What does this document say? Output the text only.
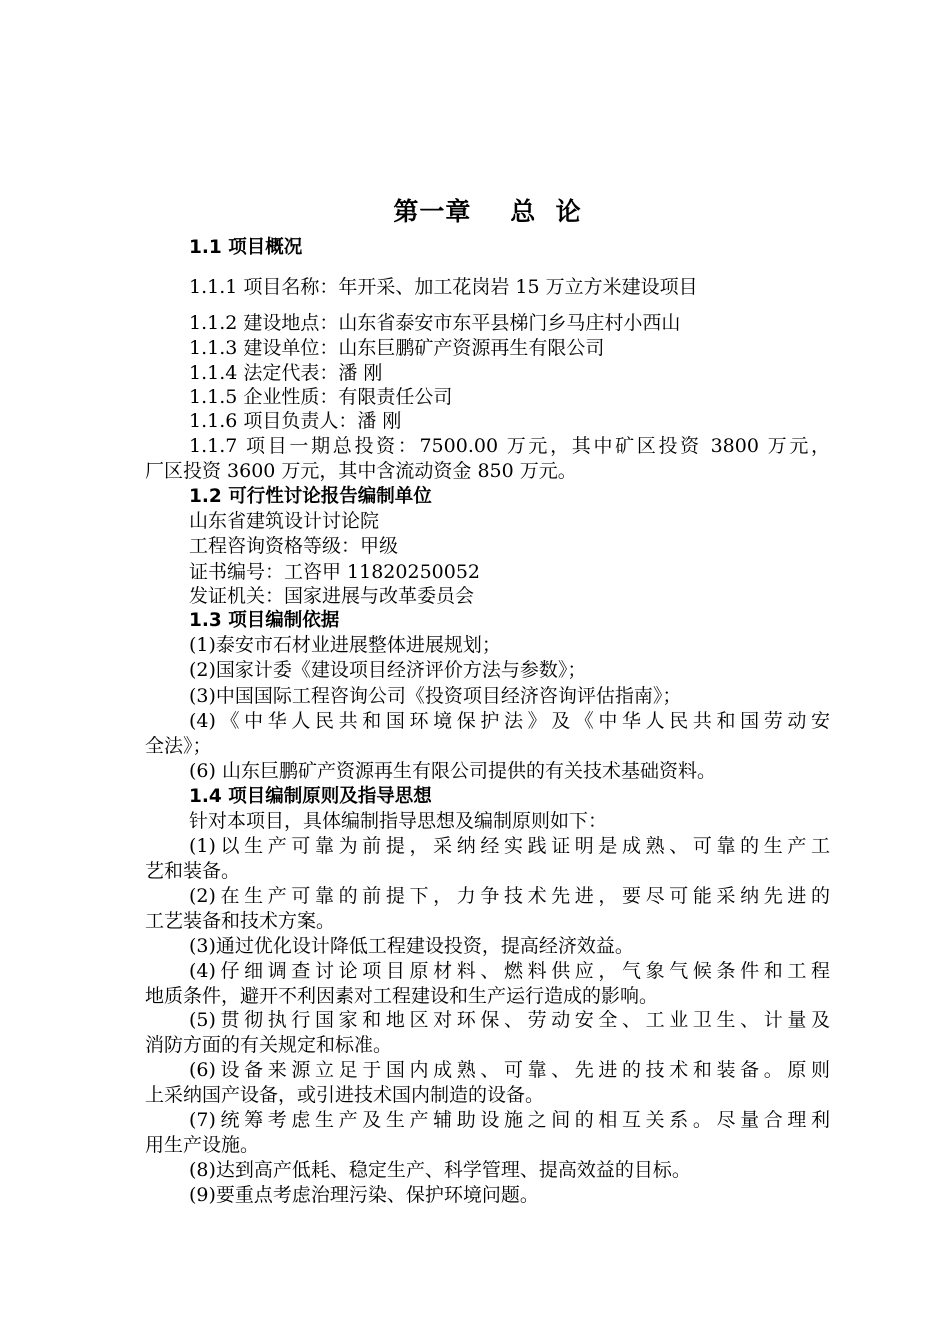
第一章    总  论
1.1 项目概况
1.1.1 项目名称：年开采、加工花岗岩 15 万立方米建设项目
1.1.2 建设地点：山东省泰安市东平县梯门乡马庄村小西山
1.1.3 建设单位：山东巨鹏矿产资源再生有限公司
1.1.4 法定代表：潘 刚
1.1.5 企业性质：有限责任公司
1.1.6 项目负责人：潘 刚
1.1.7 项目一期总投资：7500.00 万元，其中矿区投资 3800 万元，
厂区投资 3600 万元，其中含流动资金 850 万元。
1.2 可行性讨论报告编制单位
山东省建筑设计讨论院
工程咨询资格等级：甲级
证书编号：工咨甲 11820250052
发证机关：国家进展与改革委员会
1.3 项目编制依据
(1)泰安市石材业进展整体进展规划；
(2)国家计委《建设项目经济评价方法与参数》；
(3)中国国际工程咨询公司《投资项目经济咨询评估指南》；
(4)《中华人民共和国环境保护法》及《中华人民共和国劳动安
全法》；
(6) 山东巨鹏矿产资源再生有限公司提供的有关技术基础资料。
1.4 项目编制原则及指导思想
针对本项目，具体编制指导思想及编制原则如下：
(1)以生产可靠为前提，采纳经实践证明是成熟、可靠的生产工
艺和装备。
(2)在生产可靠的前提下，力争技术先进，要尽可能采纳先进的
工艺装备和技术方案。
(3)通过优化设计降低工程建设投资，提高经济效益。
(4)仔细调查讨论项目原材料、燃料供应，气象气候条件和工程
地质条件，避开不利因素对工程建设和生产运行造成的影响。
(5)贯彻执行国家和地区对环保、劳动安全、工业卫生、计量及
消防方面的有关规定和标准。
(6)设备来源立足于国内成熟、可靠、先进的技术和装备。原则
上采纳国产设备，或引进技术国内制造的设备。
(7)统筹考虑生产及生产辅助设施之间的相互关系。尽量合理利
用生产设施。
(8)达到高产低耗、稳定生产、科学管理、提高效益的目标。
(9)要重点考虑治理污染、保护环境问题。
